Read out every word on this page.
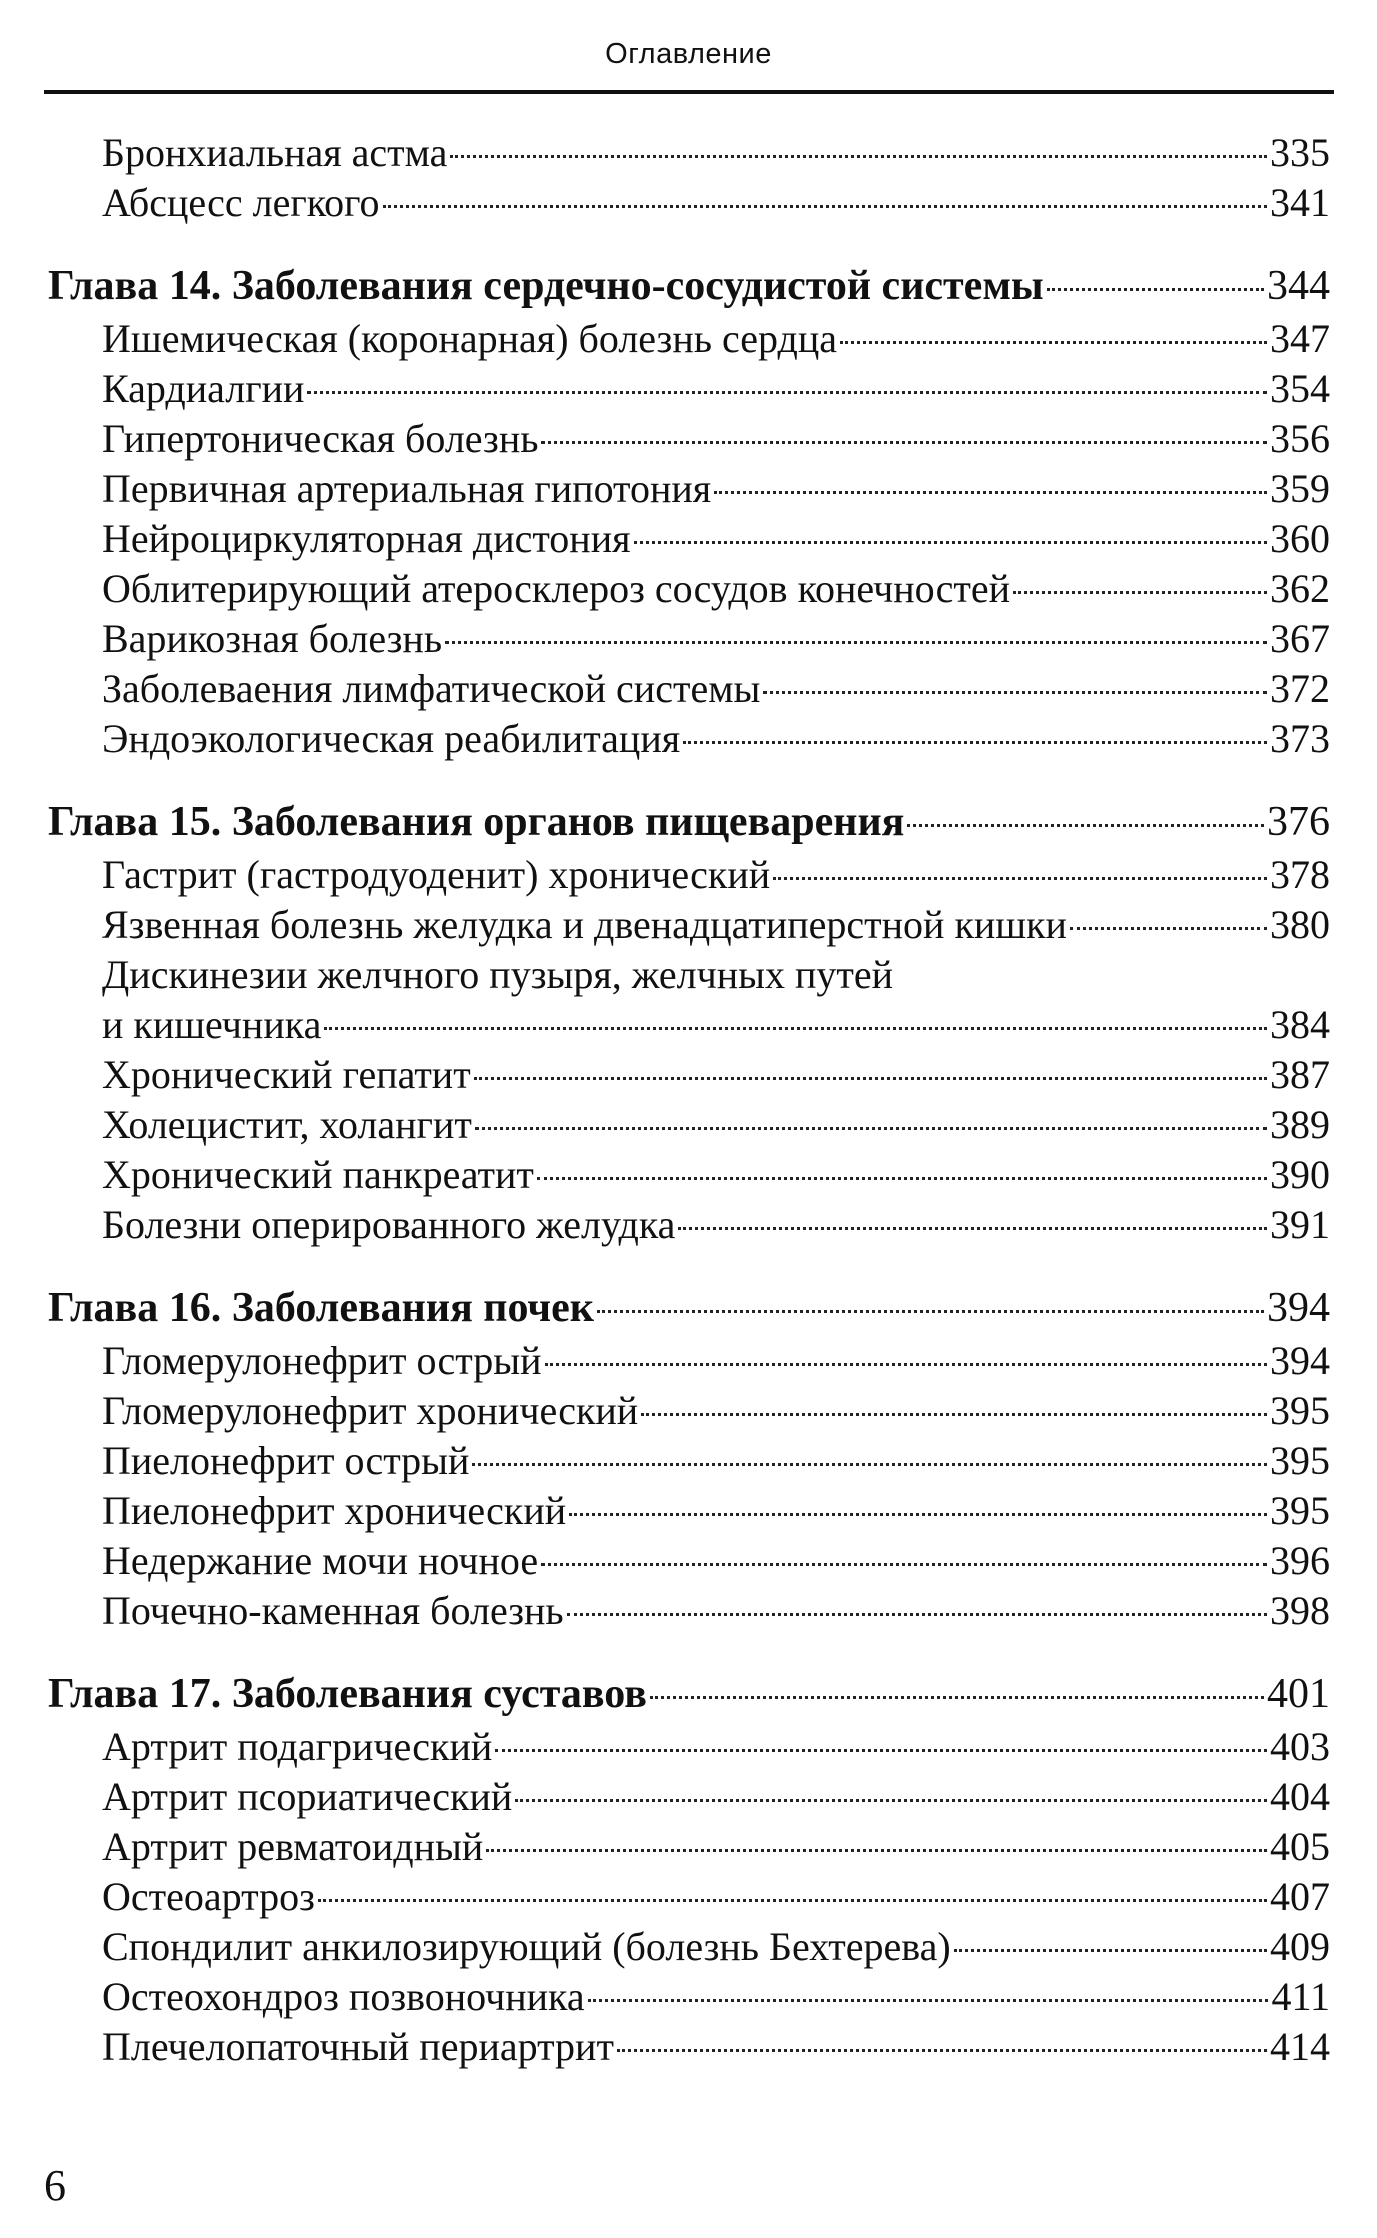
Оглавление
Бронхиальная астма	335
Абсцесс легкого	341
Глава 14. Заболевания сердечно-сосудистой системы	344
Ишемическая (коронарная) болезнь сердца	347
Кардиалгии	354
Гипертоническая болезнь	356
Первичная артериальная гипотония	359
Нейроциркуляторная дистония	360
Облитерирующий атеросклероз сосудов конечностей	362
Варикозная болезнь	367
Заболеваения лимфатической системы	372
Эндоэкологическая реабилитация	373
Глава 15. Заболевания органов пищеварения	376
Гастрит (гастродуоденит) хронический	378
Язвенная болезнь желудка и двенадцатиперстной кишки	380
Дискинезии желчного пузыря, желчных путей
и кишечника	384
Хронический гепатит	387
Холецистит, холангит	389
Хронический панкреатит	390
Болезни оперированного желудка	391
Глава 16. Заболевания почек	394
Гломерулонефрит острый	394
Гломерулонефрит хронический	395
Пиелонефрит острый	395
Пиелонефрит хронический	395
Недержание мочи ночное	396
Почечно-каменная болезнь	398
Глава 17. Заболевания суставов	401
Артрит подагрический	403
Артрит псориатический	404
Артрит ревматоидный	405
Остеоартроз	407
Спондилит анкилозирующий (болезнь Бехтерева)	409
Остеохондроз позвоночника	411
Плечелопаточный периартрит	414
6
